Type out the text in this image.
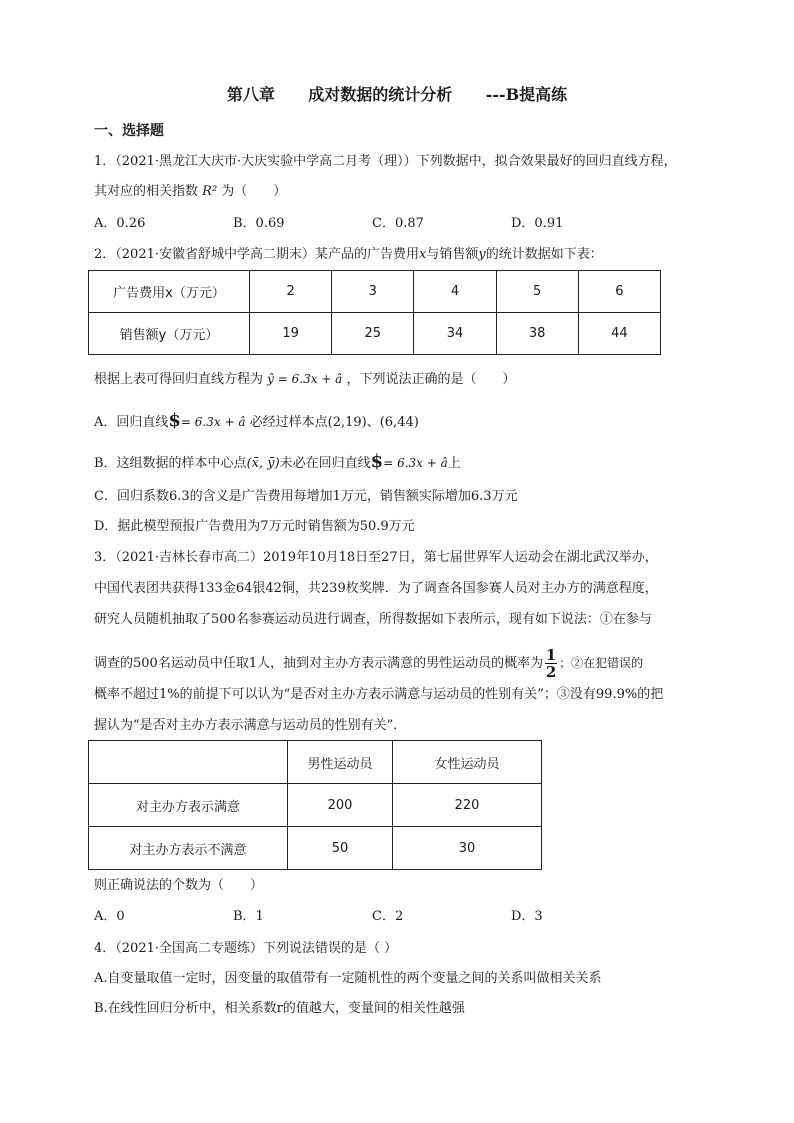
第八章      成对数据的统计分析      ---B提高练
一、选择题
1．（2021·黑龙江大庆市·大庆实验中学高二月考（理））下列数据中，拟合效果最好的回归直线方程，
其对应的相关指数 R² 为（　　）
A．0.26	B．0.69	C．0.87	D．0.91
2．（2021·安徽省舒城中学高二期末）某产品的广告费用x与销售额y的统计数据如下表：
广告费用x（万元）	2	3	4	5	6
销售额y（万元）	19	25	34	38	44
根据上表可得回归直线方程为 ŷ = 6.3x + â ，下列说法正确的是（　　）
A．回归直线$= 6.3x + â 必经过样本点(2,19)、(6,44)
B．这组数据的样本中心点(x̄, ȳ)未必在回归直线$= 6.3x + â上
C．回归系数6.3的含义是广告费用每增加1万元，销售额实际增加6.3万元
D．据此模型预报广告费用为7万元时销售额为50.9万元
3．（2021·吉林长春市高二）2019年10月18日至27日，第七届世界军人运动会在湖北武汉举办，
中国代表团共获得133金64银42铜，共239枚奖牌．为了调查各国参赛人员对主办方的满意程度，
研究人员随机抽取了500名参赛运动员进行调查，所得数据如下表所示，现有如下说法：①在参与
调查的500名运动员中任取1人，抽到对主办方表示满意的男性运动员的概率为 $\frac{1}{2}$ ；②在犯错误的
概率不超过1%的前提下可以认为“是否对主办方表示满意与运动员的性别有关”；③没有99.9%的把
握认为“是否对主办方表示满意与运动员的性别有关”．
	男性运动员	女性运动员
对主办方表示满意	200	220
对主办方表示不满意	50	30
则正确说法的个数为（　　）
A．0	B．1	C．2	D．3
4．（2021·全国高二专题练）下列说法错误的是（ ）
A.自变量取值一定时，因变量的取值带有一定随机性的两个变量之间的关系叫做相关关系
B.在线性回归分析中，相关系数r的值越大，变量间的相关性越强
